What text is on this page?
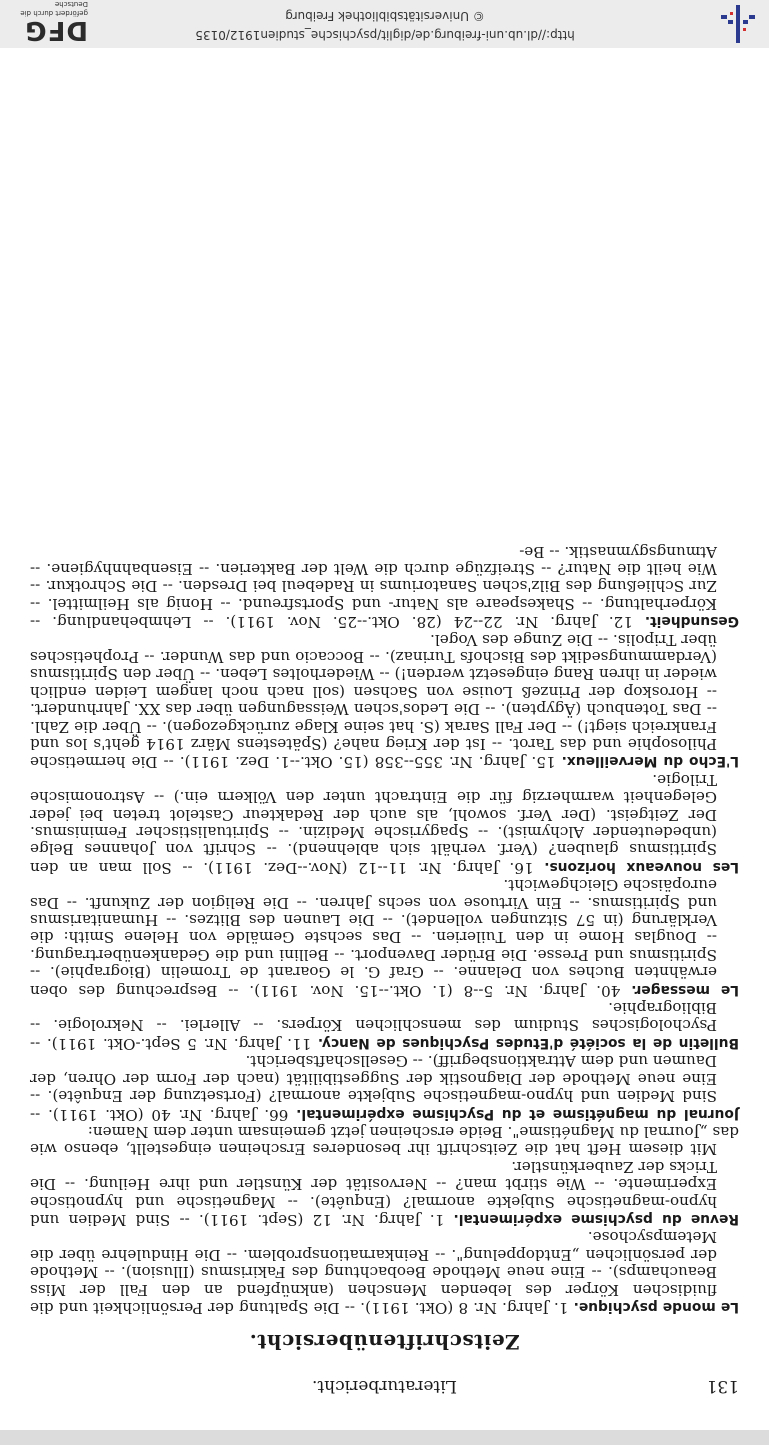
DFG
gefördert durch die
Deutsche
http://dl.ub.uni-freiburg.de/diglit/psychische_studien1912/0135
© Universitätsbibliothek Freiburg
131
Literaturbericht.
Zeitschriftenübersicht.

Le monde psychique. 1. Jahrg. Nr. 8 (Okt. 1911). -- Die Spaltung der Persönlichkeit und die fluidischen Körper des lebenden Menschen (anknüpfend an den Fall der Miss Beauchamps). -- Eine neue Methode Beobachtung des Fakirismus (Illusion). -- Methode der persönlichen „Entdoppelung". -- Reinkarnationsproblem. -- Die Hindulehre über die Metempsychose.

Revue du psychisme expérimental. 1. Jahrg. Nr. 12 (Sept. 1911). -- Sind Medien und hypno-magnetische Subjekte anormal? (Enquête). -- Magnetische und hypnotische Experimente. -- Wie stirbt man? -- Nervosität der Künstler und ihre Heilung. -- Die Tricks der Zauberkünstler.

Mit diesem Heft hat die Zeitschrift ihr besonderes Erscheinen eingestellt, ebenso wie das „Journal du Magnétisme". Beide erscheinen jetzt gemeinsam unter dem Namen:

Journal du magnétisme et du Psychisme expérimental. 66. Jahrg. Nr. 40 (Okt. 1911). -- Sind Medien und hypno-magnetische Subjekte anormal? (Fortsetzung der Enquête). -- Eine neue Methode der Diagnostik der Suggestibilität (nach der Form der Ohren, der Daumen und dem Attraktionsbegriff). -- Gesellschaftsbericht.

Bulletin de la société d'Etudes Psychiques de Nancy. 11. Jahrg. Nr. 5 Sept.-Okt. 1911). -- Psychologisches Studium des menschlichen Körpers. -- Allerlei. -- Nekrologie. -- Bibliographie.

Le messager. 40. Jahrg. Nr. 5--8 (1. Okt.--15. Nov. 1911). -- Besprechung des oben erwähnten Buches von Delanne. -- Graf G. le Goarant de Tromelin (Biographie). -- Spiritismus und Presse. Die Brüder Davenport. -- Bellini und die Gedankenübertragung. -- Douglas Home in den Tuilerien. -- Das sechste Gemälde von Helene Smith: die Verklärung (in 57 Sitzungen vollendet). -- Die Launen des Blitzes. -- Humanitarismus und Spiritismus. -- Ein Virtuose von sechs Jahren. -- Die Religion der Zukunft. -- Das europäische Gleichgewicht.

Les nouveaux horizons. 16. Jahrg. Nr. 11--12 (Nov.--Dez. 1911). -- Soll man an den Spiritismus glauben? (Verf. verhält sich ablehnend). -- Schrift von Johannes Belge (unbedeutender Alchymist). -- Spagyrische Medizin. -- Spiritualistischer Feminismus. Der Zeitgeist. (Der Verf. sowohl, als auch der Redakteur Castelot treten bei jeder Gelegenheit warmherzig für die Eintracht unter den Völkern ein.) -- Astronomische Trilogie.

L'Echo du Merveilleux. 15. Jahrg. Nr. 355--358 (15. Okt.--1. Dez. 1911). -- Die hermetische Philosophie und das Tarot. -- Ist der Krieg nahe? (Spätestens März 1914 geht's los und Frankreich siegt!) -- Der Fall Sarak (S. hat seine Klage zurückgezogen). -- Über die Zahl. -- Das Totenbuch (Ägypten). -- Die Ledos'schen Weissagungen über das XX. Jahrhundert. -- Horoskop der Prinzeß Louise von Sachsen (soll nach noch langem Leiden endlich wieder in ihren Rang eingesetzt werden!) -- Wiederholtes Leben. -- Über den Spiritismus (Verdammungsedikt des Bischofs Turinaz). -- Boccacio und das Wunder. -- Prophetisches über Tripolis. -- Die Zunge des Vogel.

Gesundheit. 12. Jahrg. Nr. 22--24 (28. Okt.--25. Nov. 1911). -- Lehmbehandlung. -- Körperhaltung. -- Shakespeare als Natur- und Sportsfreund. -- Honig als Heilmittel. -- Zur Schließung des Bilz'schen Sanatoriums in Radebeul bei Dresden. -- Die Schrotkur. -- Wie heilt die Natur? -- Streifzüge durch die Welt der Bakterien. -- Eisenbahnhygiene. -- Atmungsgymnastik. -- Be-
